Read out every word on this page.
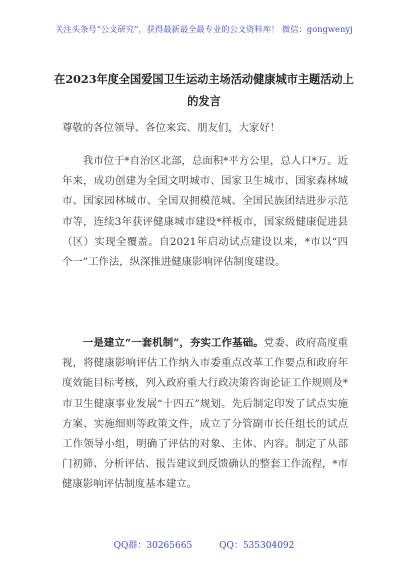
关注头条号“公文研究”，获得最新最全最专业的公文资料库！ 微信：gongwenyj
在2023年度全国爱国卫生运动主场活动健康城市主题活动上的发言
尊敬的各位领导、各位来宾、朋友们，大家好！
我市位于*自治区北部，总面积*平方公里，总人口*万。近年来，成功创建为全国文明城市、国家卫生城市、国家森林城市、国家园林城市、全国双拥模范城、全国民族团结进步示范市等，连续3年获评健康城市建设*样板市，国家级健康促进县（区）实现全覆盖。自2021年启动试点建设以来，*市以“四个一”工作法，纵深推进健康影响评估制度建设。
一是建立“一套机制”，夯实工作基础。党委、政府高度重视，将健康影响评估工作纳入市委重点改革工作要点和政府年度效能目标考核，列入政府重大行政决策咨询论证工作规则及*市卫生健康事业发展“十四五”规划。先后制定印发了试点实施方案、实施细则等政策文件，成立了分管副市长任组长的试点工作领导小组，明确了评估的对象、主体、内容。制定了从部门初筛、分析评估、报告建议到反馈确认的整套工作流程，*市健康影响评估制度基本建立。
QQ群：30265665	QQ：535304092
